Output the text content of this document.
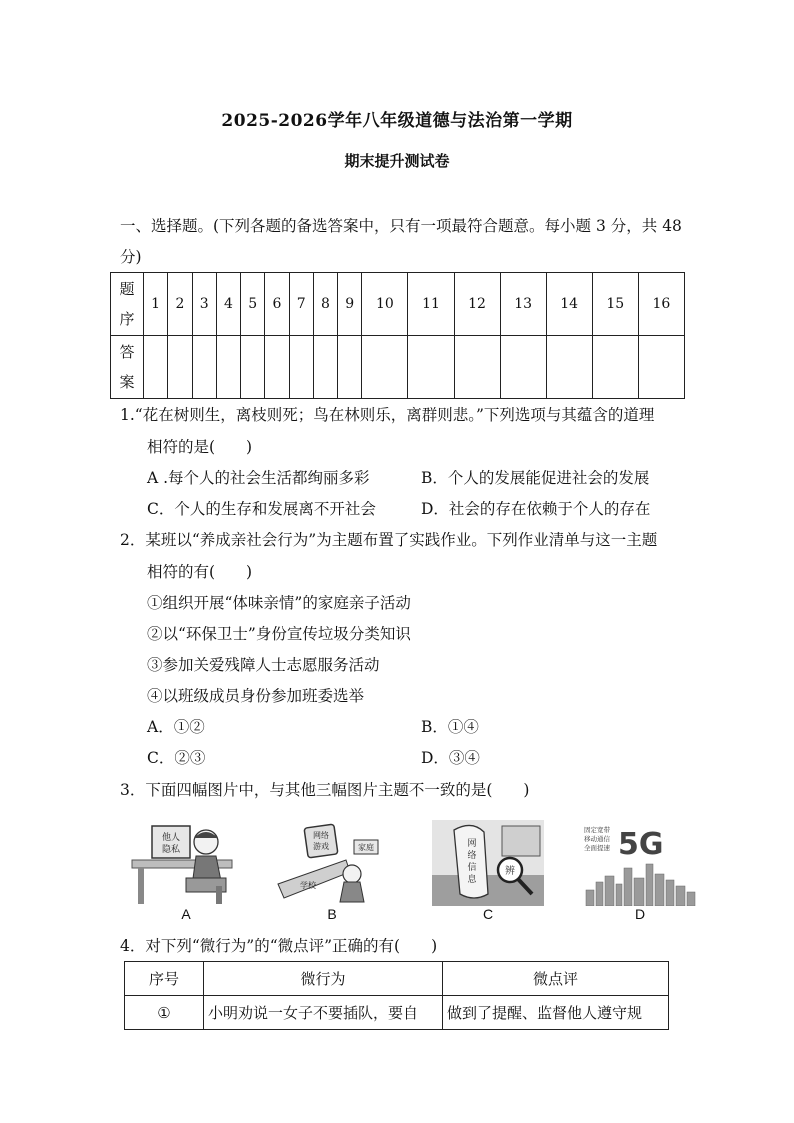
2025-2026学年八年级道德与法治第一学期
期末提升测试卷
一、选择题。(下列各题的备选答案中，只有一项最符合题意。每小题 3 分，共 48
分)
题
序	1	2	3	4	5	6	7	8	9	10	11	12	13	14	15	16

答
案																

1.“花在树则生，离枝则死；鸟在林则乐，离群则悲。”下列选项与其蕴含的道理
相符的是(　　)
A .每个人的社会生活都绚丽多彩	B．个人的发展能促进社会的发展
C．个人的生存和发展离不开社会	D．社会的存在依赖于个人的存在
2．某班以“养成亲社会行为”为主题布置了实践作业。下列作业清单与这一主题
相符的有(　　)
①组织开展“体味亲情”的家庭亲子活动
②以“环保卫士”身份宣传垃圾分类知识
③参加关爱残障人士志愿服务活动
④以班级成员身份参加班委选举
A．①②	B．①④
C．②③	D．③④
3．下面四幅图片中，与其他三幅图片主题不一致的是(　　)
他人
隐私
A
网络
游戏
学校
家庭
B
网
络
信
息
辨
C
固定宽带
移动通信
全面提速 5G
D
4．对下列“微行为”的“微点评”正确的有(　　)
序号	微行为	微点评
①	小明劝说一女子不要插队，要自	做到了提醒、监督他人遵守规
